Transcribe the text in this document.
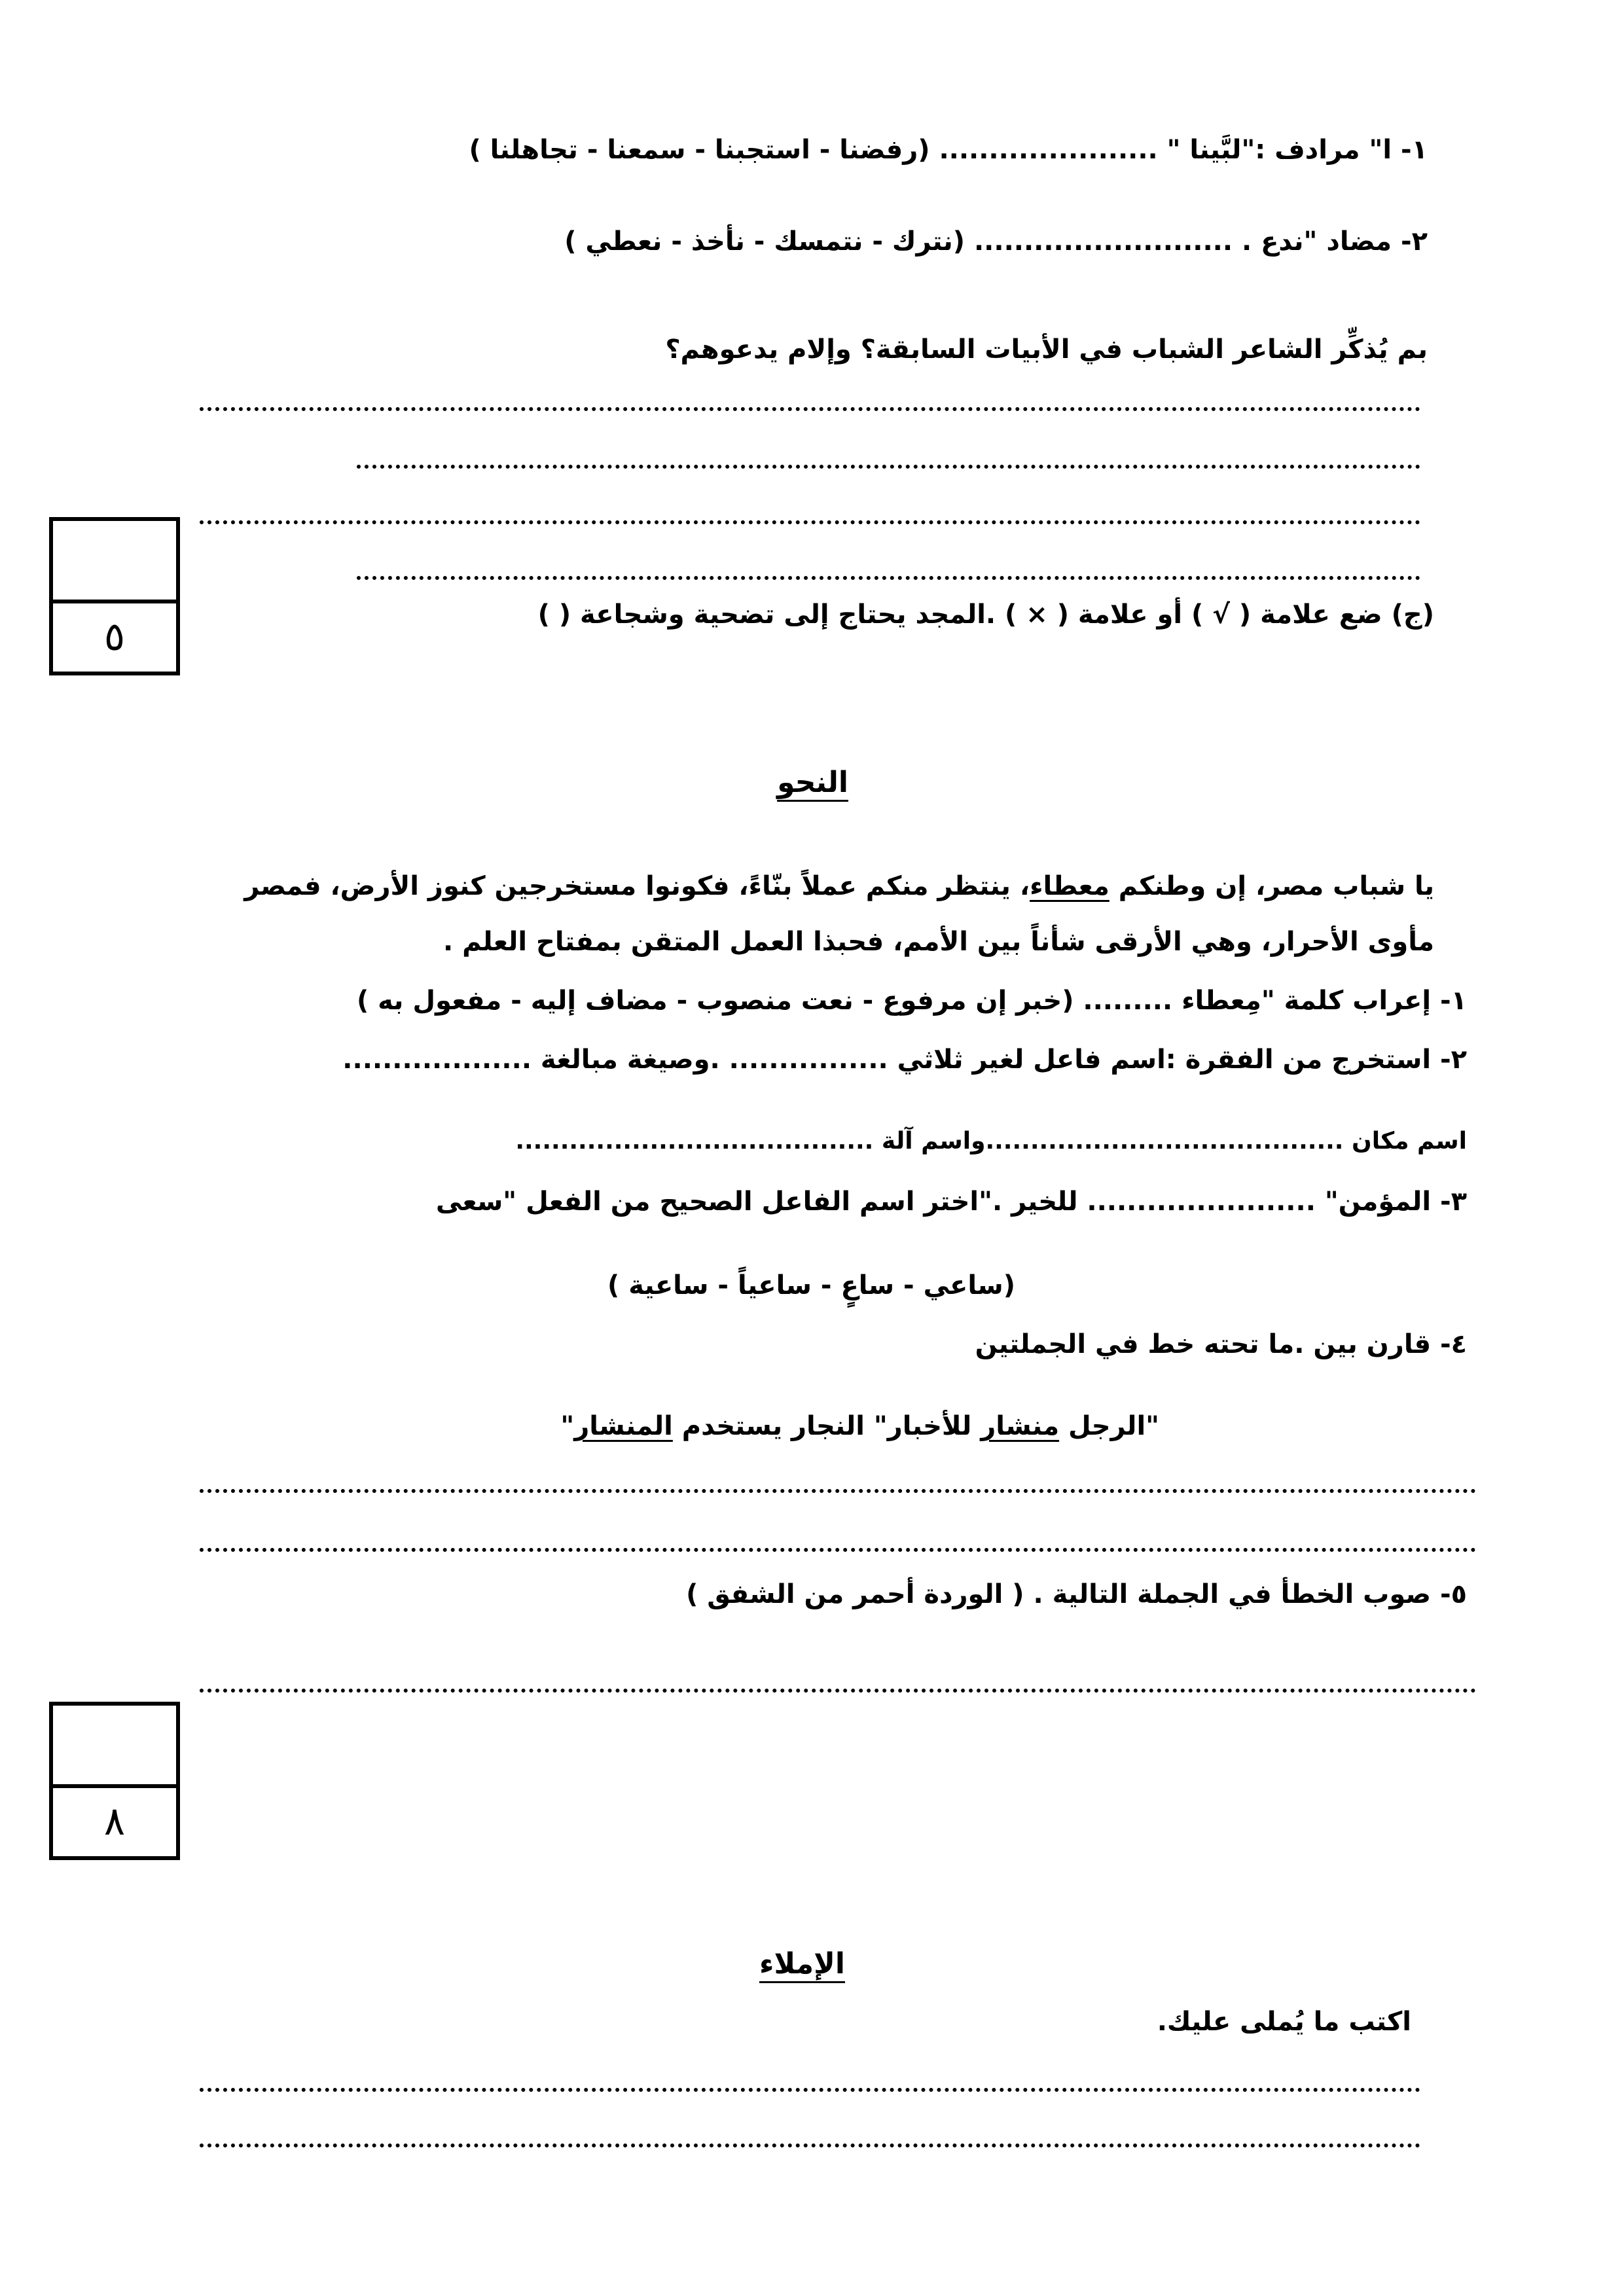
١- ا" مرادف :"لبَّينا " ...................... (رفضنا - استجبنا - سمعنا - تجاهلنا )
٢- مضاد "ندع . .......................... (نترك - نتمسك - نأخذ - نعطي )
بم يُذكِّر الشاعر الشباب في الأبيات السابقة؟ وإلام يدعوهم؟
(ج) ضع علامة ( √ ) أو علامة ( × ) .المجد يحتاج إلى تضحية وشجاعة ( )
٥
النحو
يا شباب مصر، إن وطنكم معطاء، ينتظر منكم عملاً بنّاءً، فكونوا مستخرجين كنوز الأرض، فمصر
مأوى الأحرار، وهي الأرقى شأناً بين الأمم، فحبذا العمل المتقن بمفتاح العلم .
١- إعراب كلمة "مِعطاء ......... (خبر إن مرفوع - نعت منصوب - مضاف إليه - مفعول به )
٢- استخرج من الفقرة :اسم فاعل لغير ثلاثي ................ .وصيغة مبالغة ...................
اسم مكان ........................................واسم آلة ........................................
٣- المؤمن" ....................... للخير ."اختر اسم الفاعل الصحيح من الفعل "سعى
(ساعي - ساعٍ - ساعياً - ساعية )
٤- قارن بين .ما تحته خط في الجملتين
"الرجل منشار للأخبار" النجار يستخدم المنشار"
٥- صوب الخطأ في الجملة التالية . ( الوردة أحمر من الشفق )
٨
الإملاء
اكتب ما يُملى عليك.
